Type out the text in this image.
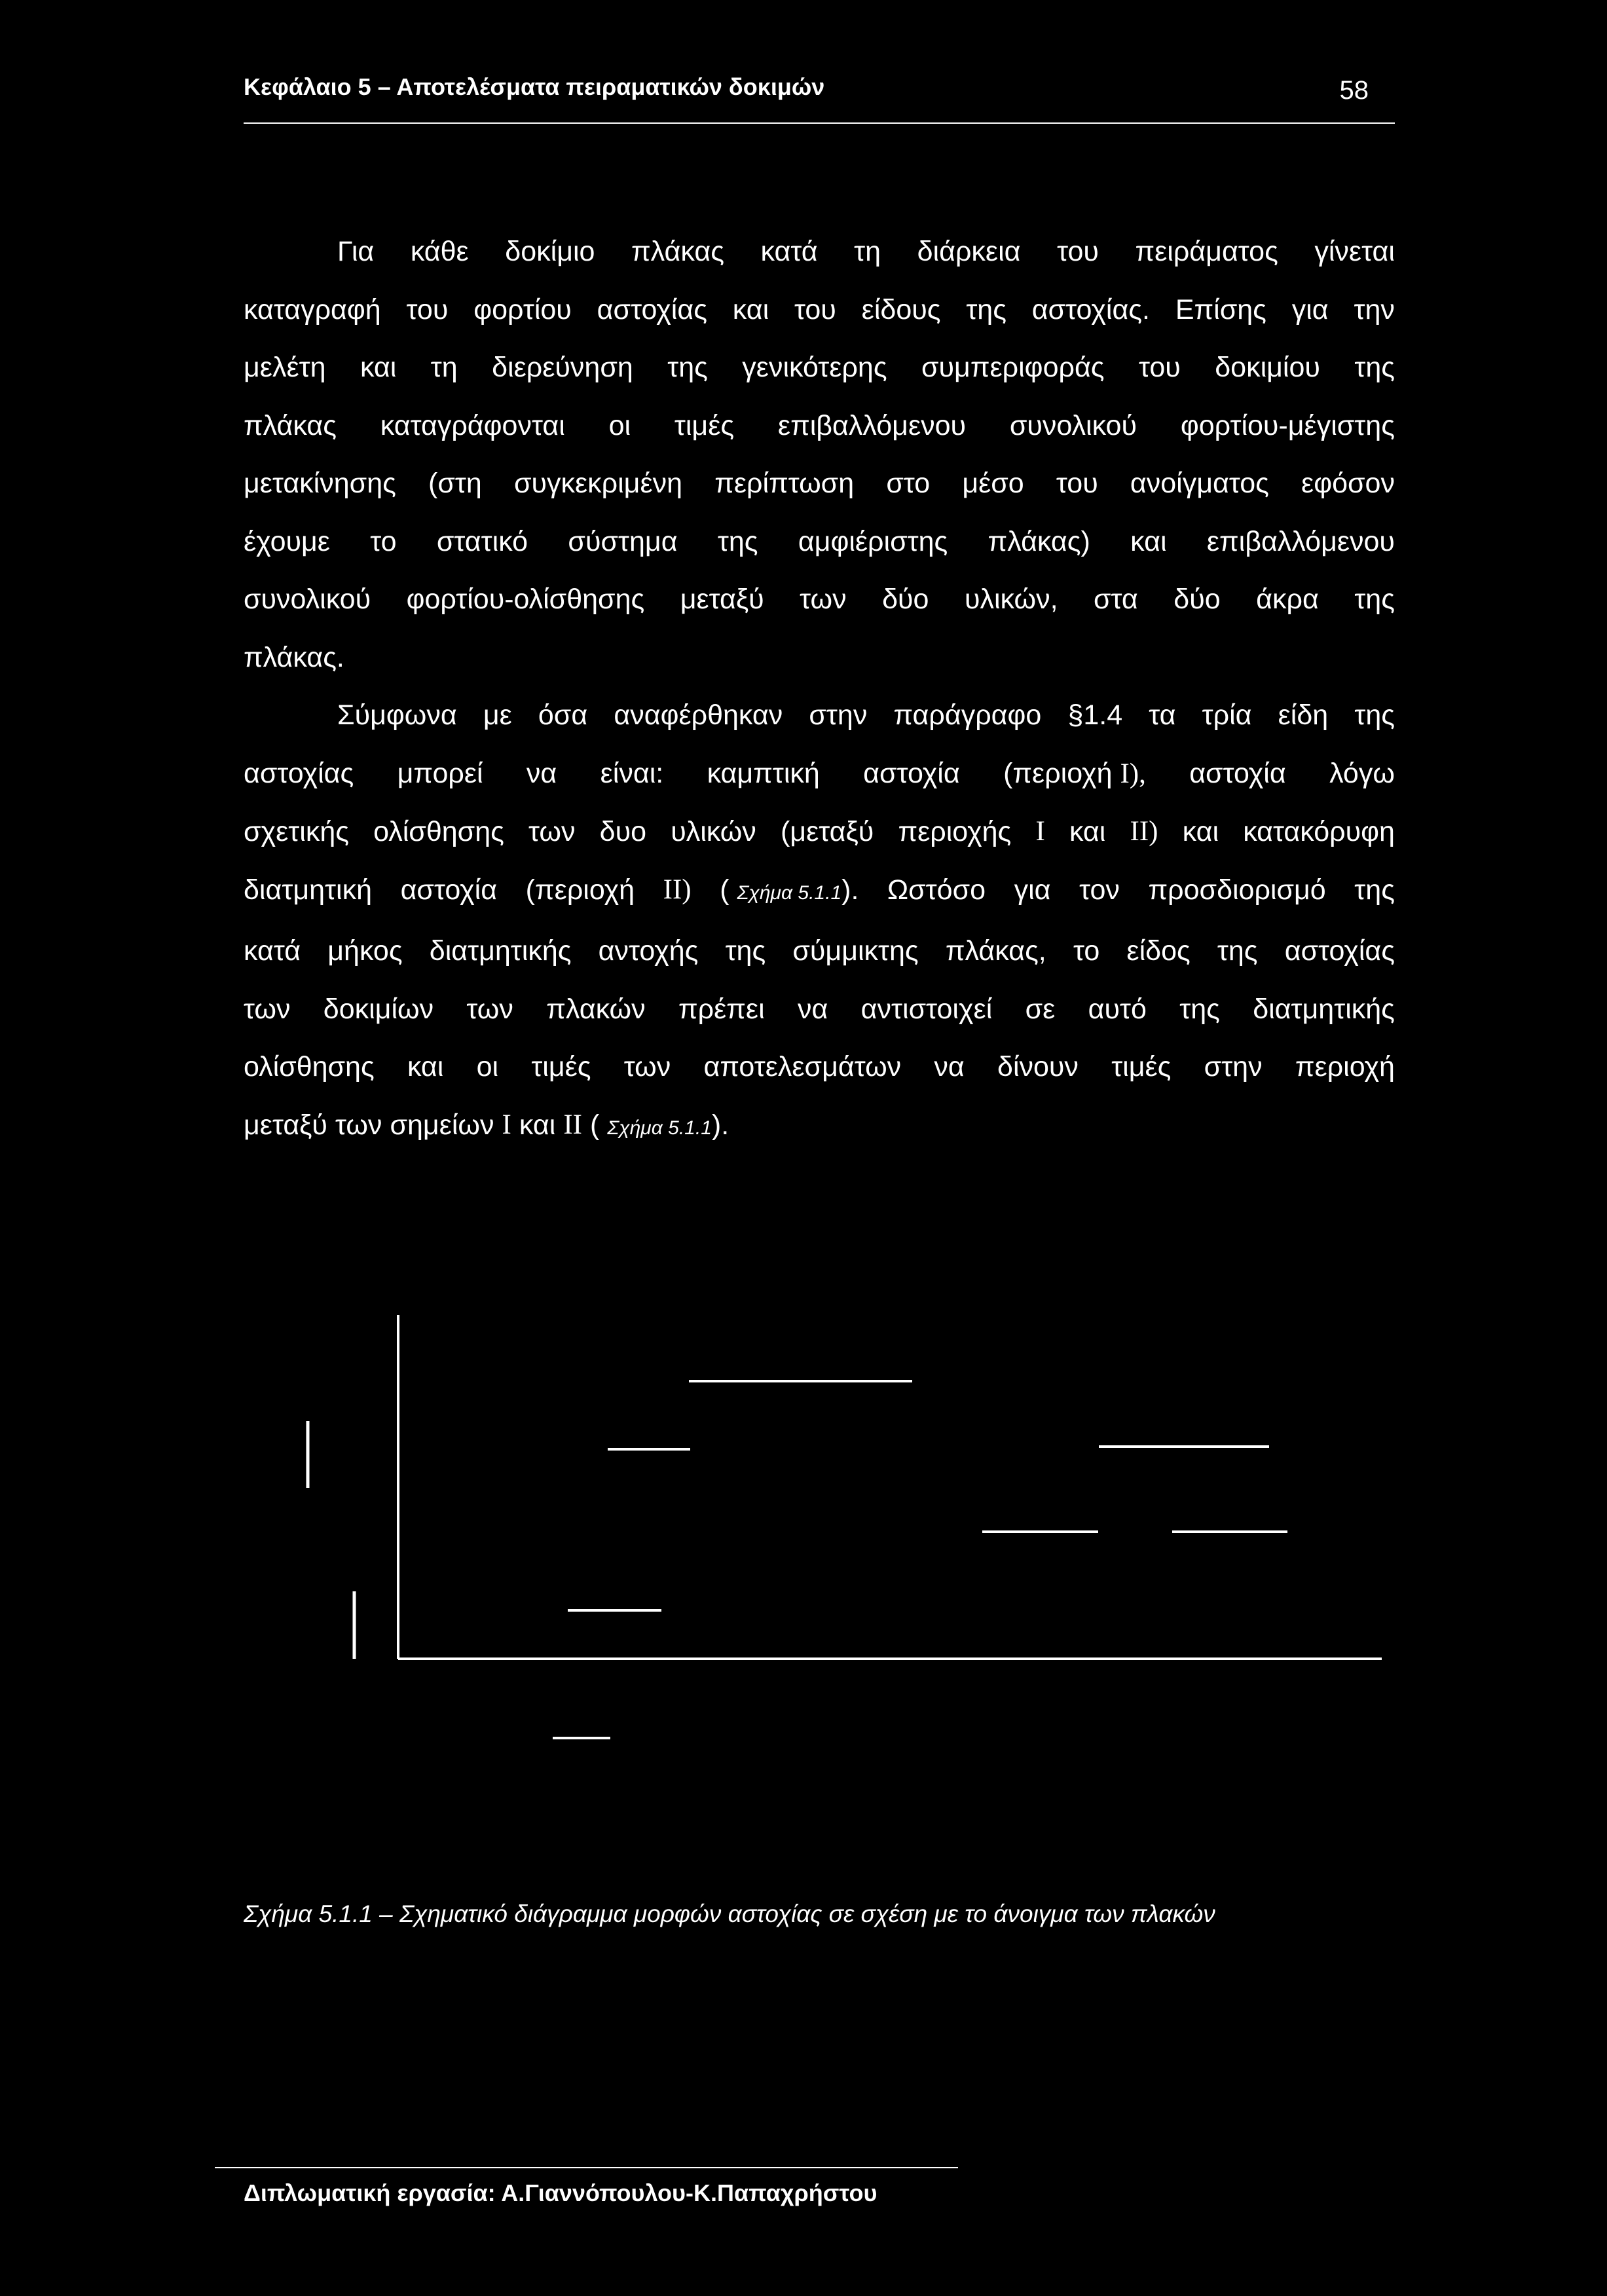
Κεφάλαιο 5 – Αποτελέσματα πειραματικών δοκιμών	58
Για κάθε δοκίμιο πλάκας κατά τη διάρκεια του πειράματος γίνεται
καταγραφή του φορτίου αστοχίας και του είδους της αστοχίας. Επίσης για την
μελέτη και τη διερεύνηση της γενικότερης συμπεριφοράς του δοκιμίου της
πλάκας καταγράφονται οι τιμές επιβαλλόμενου συνολικού φορτίου-μέγιστης
μετακίνησης (στη συγκεκριμένη περίπτωση στο μέσο του ανοίγματος εφόσον
έχουμε το στατικό σύστημα της αμφιέριστης πλάκας) και επιβαλλόμενου
συνολικού φορτίου-ολίσθησης μεταξύ των δύο υλικών, στα δύο άκρα της
πλάκας.
Σύμφωνα με όσα αναφέρθηκαν στην παράγραφο §1.4 τα τρία είδη της
αστοχίας μπορεί να είναι: καμπτική αστοχία (περιοχή Ι), αστοχία λόγω
σχετικής ολίσθησης των δυο υλικών (μεταξύ περιοχής Ι και ΙΙ) και κατακόρυφη
διατμητική αστοχία (περιοχή ΙΙ) ( Σχήμα 5.1.1). Ωστόσο για τον προσδιορισμό της
κατά μήκος διατμητικής αντοχής της σύμμικτης πλάκας, το είδος της αστοχίας
των δοκιμίων των πλακών πρέπει να αντιστοιχεί σε αυτό της διατμητικής
ολίσθησης και οι τιμές των αποτελεσμάτων να δίνουν τιμές στην περιοχή
μεταξύ των σημείων Ι και ΙΙ ( Σχήμα 5.1.1).
Σχήμα 5.1.1 – Σχηματικό διάγραμμα μορφών αστοχίας σε σχέση με το άνοιγμα των πλακών
Διπλωματική εργασία: Α.Γιαννόπουλου-Κ.Παπαχρήστου
